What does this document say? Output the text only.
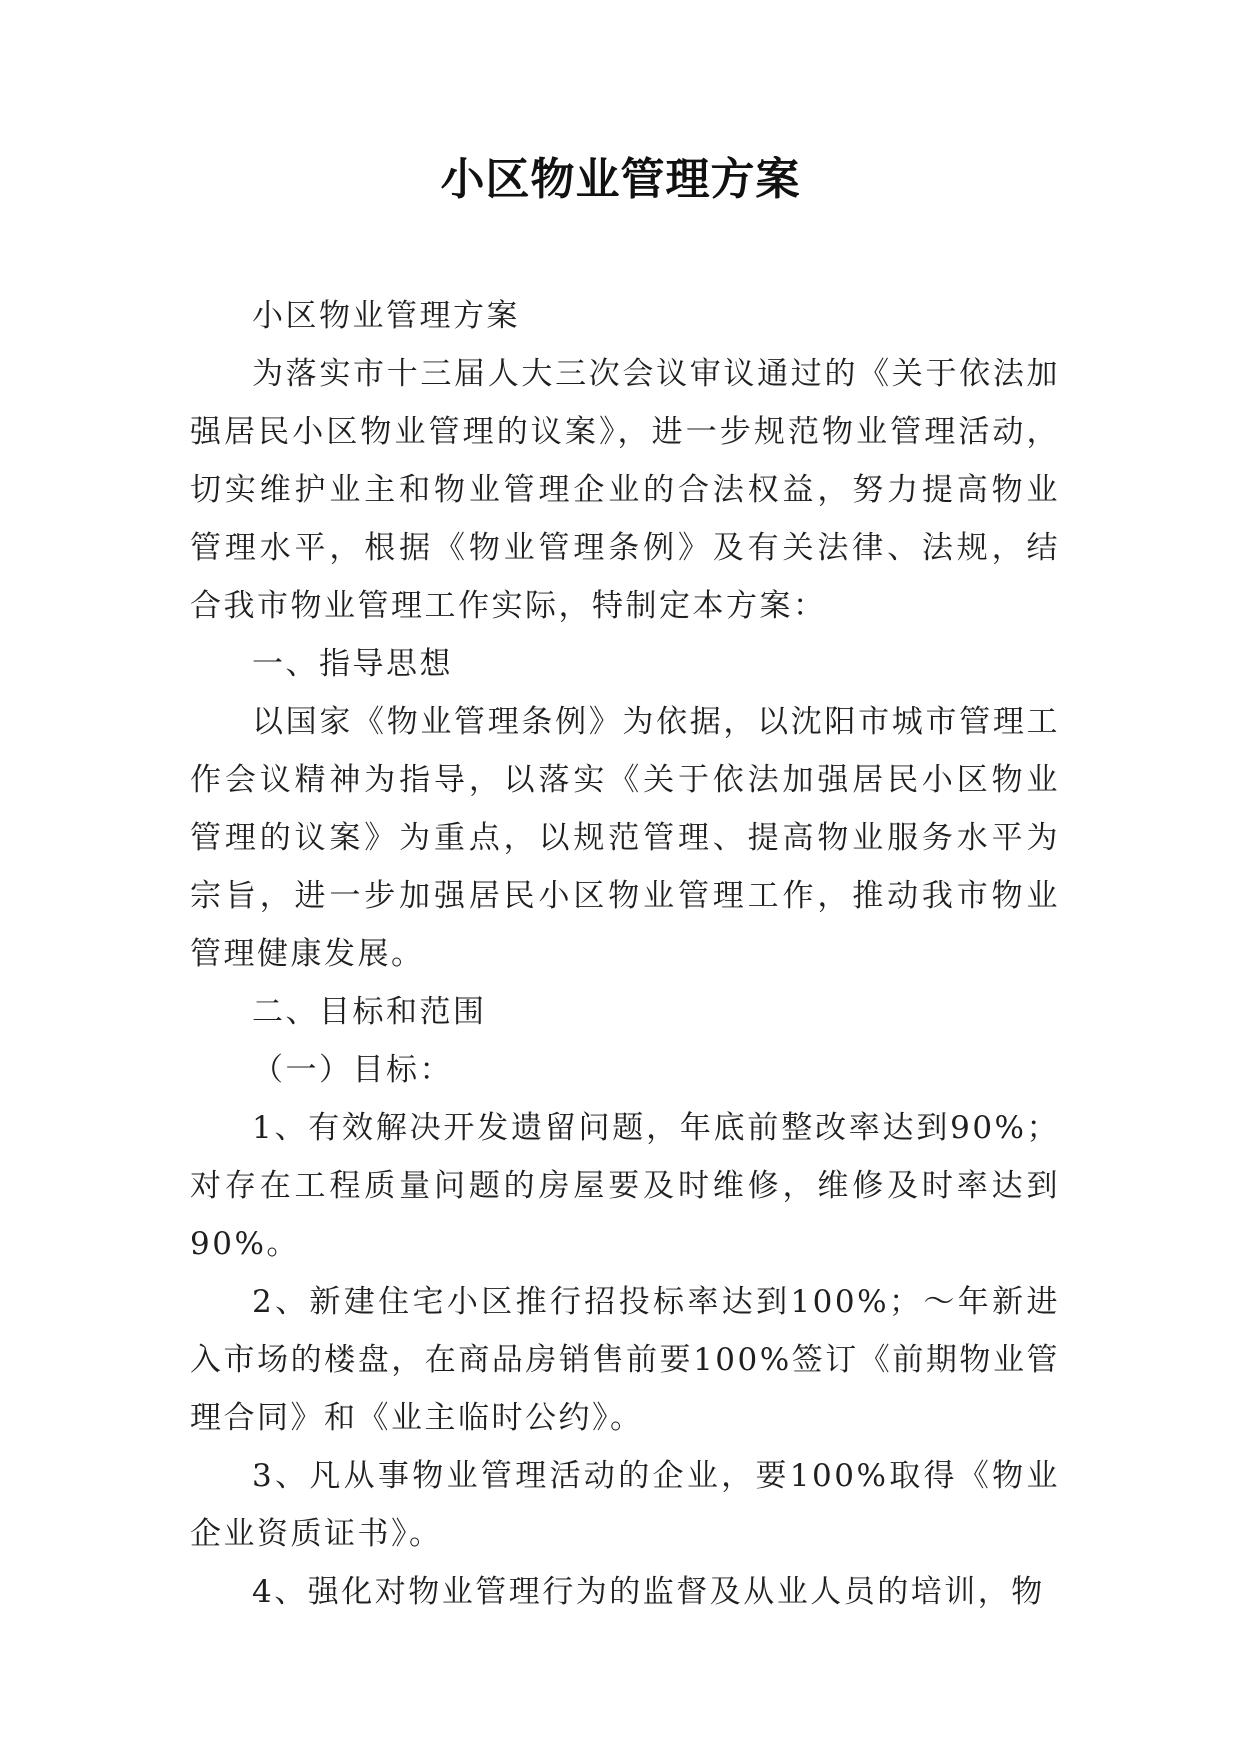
小区物业管理方案

小区物业管理方案

为落实市十三届人大三次会议审议通过的《关于依法加强居民小区物业管理的议案》，进一步规范物业管理活动，切实维护业主和物业管理企业的合法权益，努力提高物业管理水平，根据《物业管理条例》及有关法律、法规，结合我市物业管理工作实际，特制定本方案：

一、指导思想

以国家《物业管理条例》为依据，以沈阳市城市管理工作会议精神为指导，以落实《关于依法加强居民小区物业管理的议案》为重点，以规范管理、提高物业服务水平为宗旨，进一步加强居民小区物业管理工作，推动我市物业管理健康发展。

二、目标和范围

（一）目标：

1、有效解决开发遗留问题，年底前整改率达到90%；对存在工程质量问题的房屋要及时维修，维修及时率达到90%。

2、新建住宅小区推行招投标率达到100%；～年新进入市场的楼盘，在商品房销售前要100%签订《前期物业管理合同》和《业主临时公约》。

3、凡从事物业管理活动的企业，要100%取得《物业企业资质证书》。

4、强化对物业管理行为的监督及从业人员的培训，物
